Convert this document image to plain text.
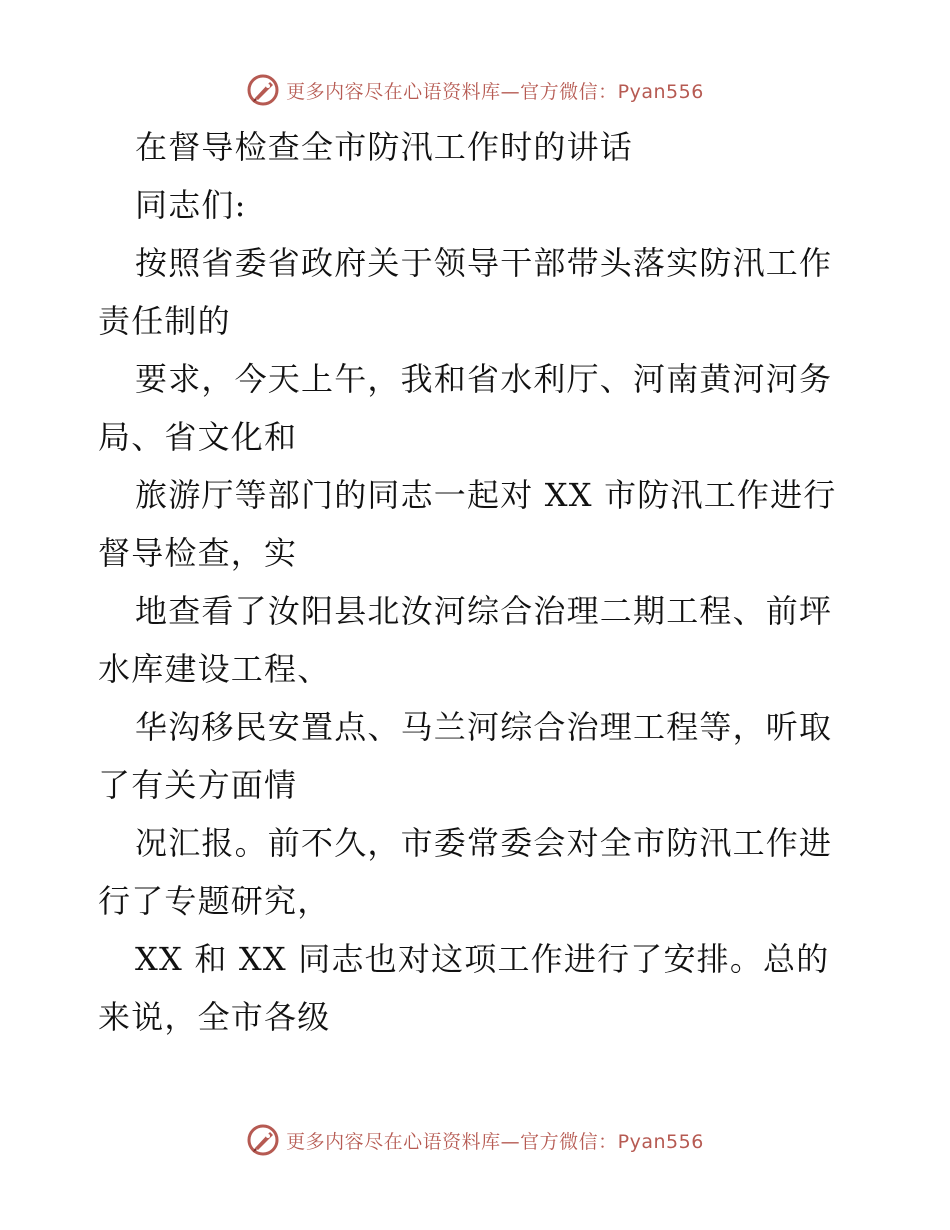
更多内容尽在心语资料库—官方微信：Pyan556
在督导检查全市防汛工作时的讲话
同志们:
按照省委省政府关于领导干部带头落实防汛工作
责任制的
要求，今天上午，我和省水利厅、河南黄河河务
局、省文化和
旅游厅等部门的同志一起对 XX 市防汛工作进行
督导检查，实
地查看了汝阳县北汝河综合治理二期工程、前坪
水库建设工程、
华沟移民安置点、马兰河综合治理工程等，听取
了有关方面情
况汇报。前不久，市委常委会对全市防汛工作进
行了专题研究，
XX 和 XX 同志也对这项工作进行了安排。总的
来说，全市各级
更多内容尽在心语资料库—官方微信：Pyan556
